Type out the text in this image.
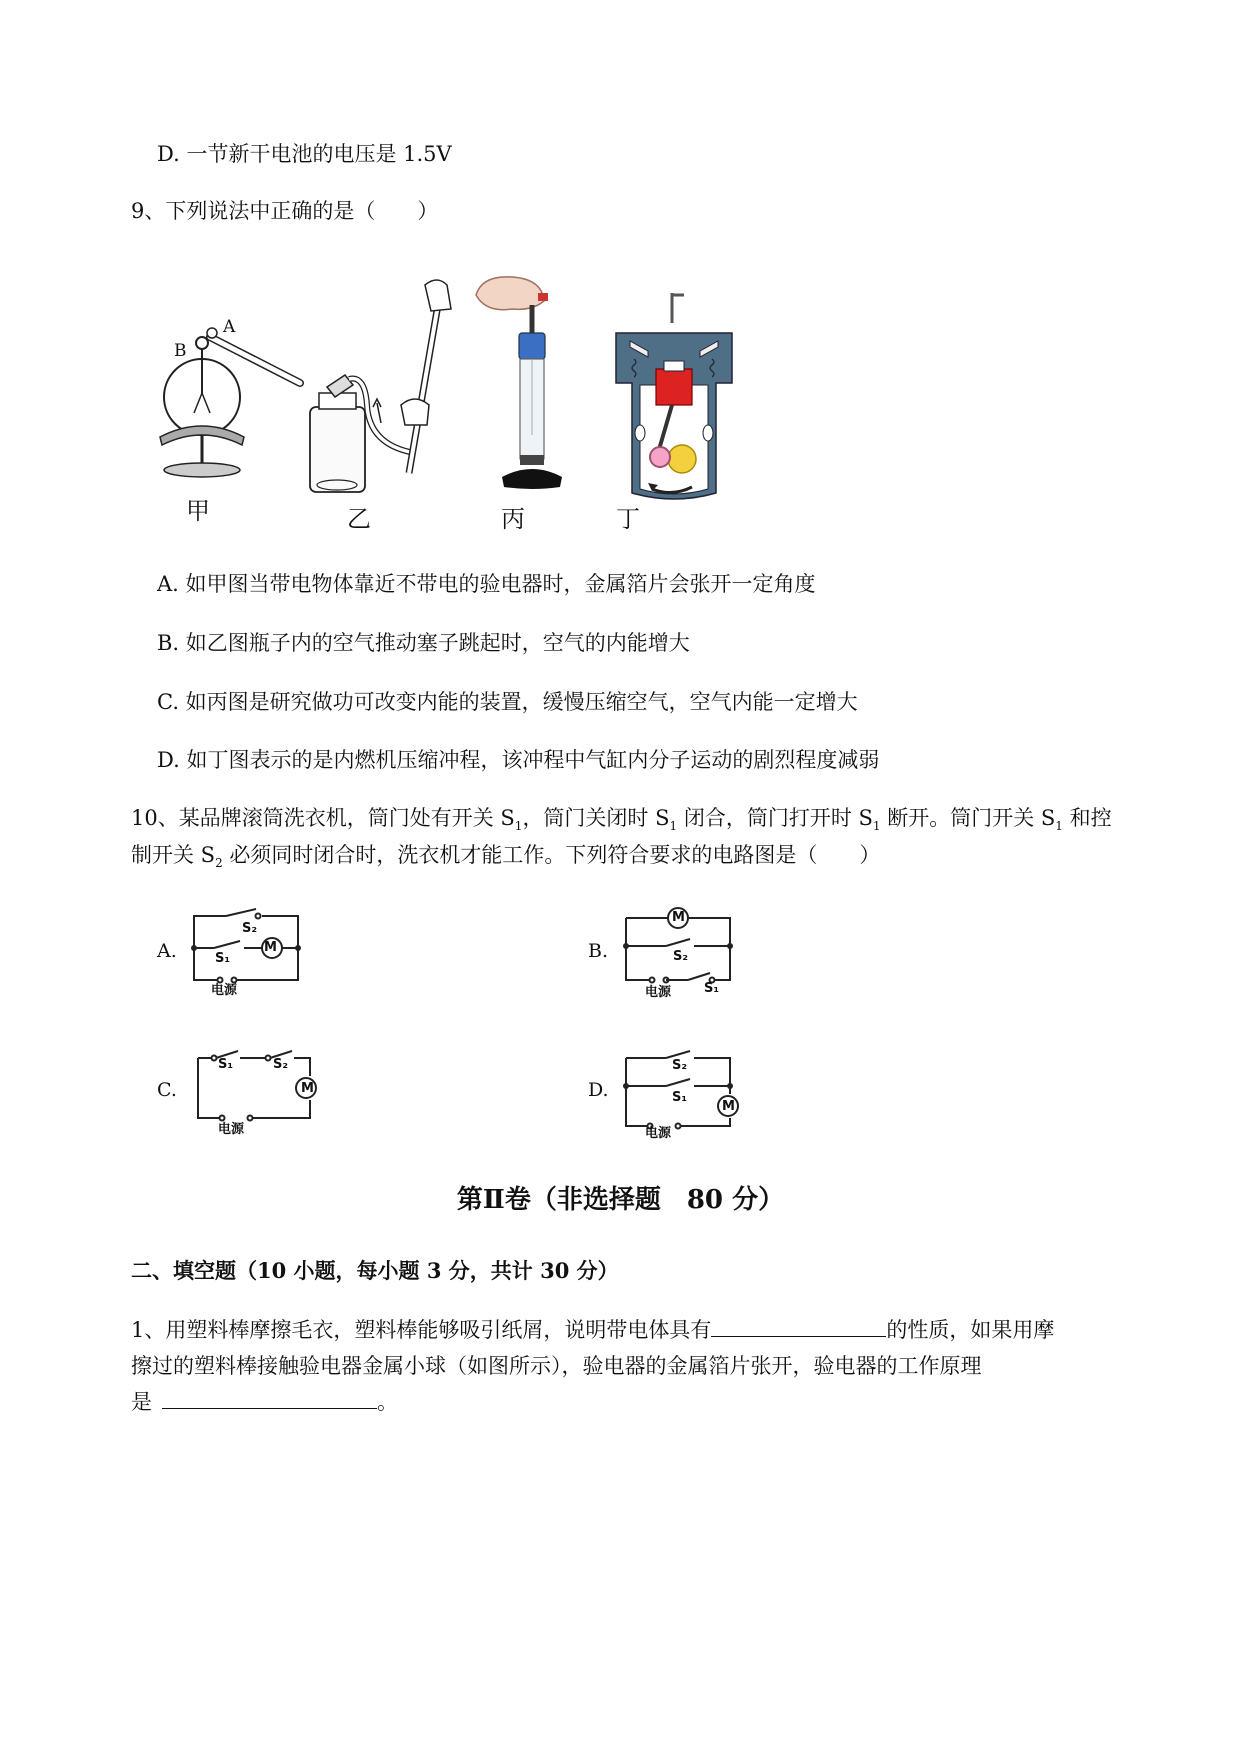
D. 一节新干电池的电压是 1.5V
9、下列说法中正确的是（　　）
A
B
甲	乙	丙	丁
A. 如甲图当带电物体靠近不带电的验电器时，金属箔片会张开一定角度
B. 如乙图瓶子内的空气推动塞子跳起时，空气的内能增大
C. 如丙图是研究做功可改变内能的装置，缓慢压缩空气，空气内能一定增大
D. 如丁图表示的是内燃机压缩冲程，该冲程中气缸内分子运动的剧烈程度减弱
10、某品牌滚筒洗衣机，筒门处有开关 $S_1$，筒门关闭时 $S_1$ 闭合，筒门打开时 $S_1$ 断开。筒门开关 $S_1$ 和控
制开关 $S_2$ 必须同时闭合时，洗衣机才能工作。下列符合要求的电路图是（　　）
A.	B.
C.	D.
S₂
S₁
M
电源
M
S₂
S₁
电源
S₁	S₂
M
电源
S₂
S₁
M
电源
第Ⅱ卷（非选择题　80 分）
二、填空题（10 小题，每小题 3 分，共计 30 分）
1、用塑料棒摩擦毛衣，塑料棒能够吸引纸屑，说明带电体具有	的性质，如果用摩
擦过的塑料棒接触验电器金属小球（如图所示），验电器的金属箔片张开，验电器的工作原理
是	。
